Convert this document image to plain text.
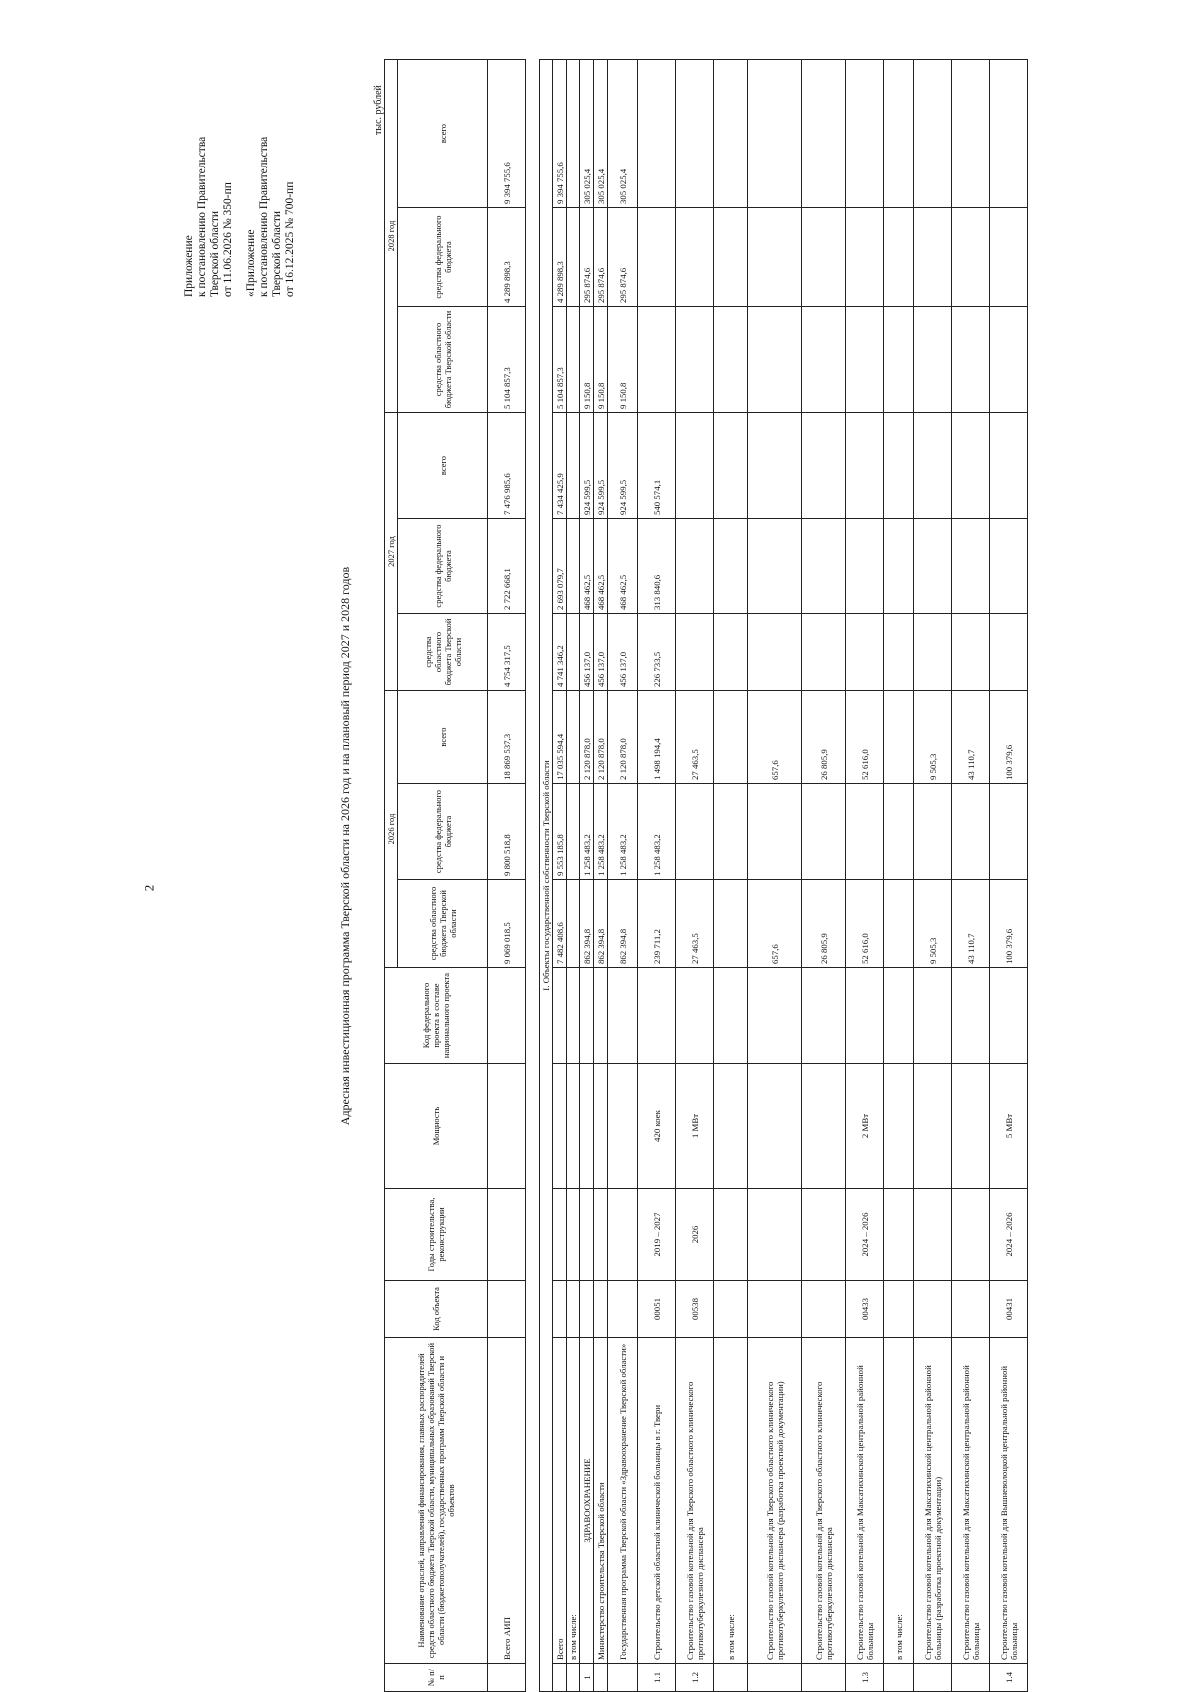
2
Приложение к постановлению Правительства Тверской области от 11.06.2026 № 350-пп «Приложение к постановлению Правительства Тверской области от 16.12.2025 № 700-пп
Адресная инвестиционная программа Тверской области на 2026 год и на плановый период 2027 и 2028 годов
тыс. рублей
№ п/п	Наименование отраслей, направлений финансирования, главных распорядителей средств областного бюджета Тверской области, муниципальных образований Тверской области (бюджетополучателей), государственных программ Тверской области и объектов	Код объекта	Годы строительства, реконструкции	Мощность	Код федерального проекта в составе национального проекта	2026 год			2027 год			2028 год		
						средства областного бюджета Тверской области	средства федерального бюджета	всего	средства областного бюджета Тверской области	средства федерального бюджета	всего	средства областного бюджета Тверской области	средства федерального бюджета	всего
	Всего АИП					9 069 018,5	9 800 518,8	18 869 537,3	4 754 317,5	2 722 668,1	7 476 985,6	5 104 857,3	4 289 898,3	9 394 755,6

I. Объекты государственной собственности Тверской области														
	Всего					7 482 408,6	9 553 185,8	17 035 594,4	4 741 346,2	2 693 079,7	7 434 425,9	5 104 857,3	4 289 898,3	9 394 755,6
	в том числе:													
1	ЗДРАВООХРАНЕНИЕ					862 394,8	1 258 483,2	2 120 878,0	456 137,0	468 462,5	924 599,5	9 150,8	295 874,6	305 025,4
	Министерство строительства Тверской области					862 394,8	1 258 483,2	2 120 878,0	456 137,0	468 462,5	924 599,5	9 150,8	295 874,6	305 025,4
	Государственная программа Тверской области «Здравоохранение Тверской области»					862 394,8	1 258 483,2	2 120 878,0	456 137,0	468 462,5	924 599,5	9 150,8	295 874,6	305 025,4
1.1	Строительство детской областной клинической больницы в г. Твери	00051	2019 – 2027	420 коек		239 711,2	1 258 483,2	1 498 194,4	226 733,5	313 840,6	540 574,1			
1.2	Строительство газовой котельной для Тверского областного клинического противотуберкулезного диспансера	00538	2026	1 МВт		27 463,5		27 463,5						
	в том числе:													
	Строительство газовой котельной для Тверского областного клинического противотуберкулезного диспансера (разработка проектной документации)					657,6		657,6						
	Строительство газовой котельной для Тверского областного клинического противотуберкулезного диспансера					26 805,9		26 805,9						
1.3	Строительство газовой котельной для Максатихинской центральной районной больницы	00433	2024 – 2026	2 МВт		52 616,0		52 616,0						
	в том числе:													
	Строительство газовой котельной для Максатихинской центральной районной больницы (разработка проектной документации)					9 505,3		9 505,3						
	Строительство газовой котельной для Максатихинской центральной районной больницы					43 110,7		43 110,7						
1.4	Строительство газовой котельной для Вышневолоцкой центральной районной больницы	00431	2024 – 2026	5 МВт		100 379,6		100 379,6						
